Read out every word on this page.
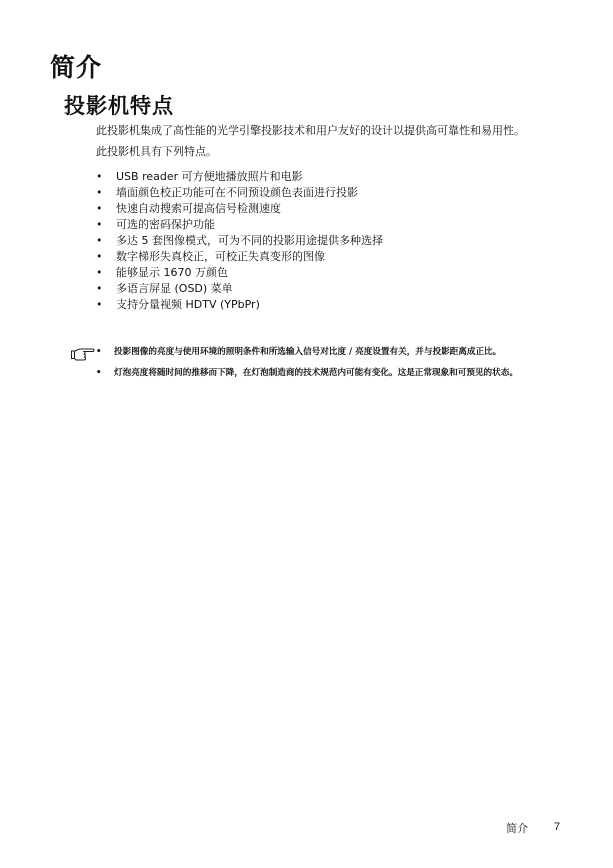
简介
投影机特点

此投影机集成了高性能的光学引擎投影技术和用户友好的设计以提供高可靠性和易用性。

此投影机具有下列特点。

• USB reader 可方便地播放照片和电影
• 墙面颜色校正功能可在不同预设颜色表面进行投影
• 快速自动搜索可提高信号检测速度
• 可选的密码保护功能
• 多达 5 套图像模式，可为不同的投影用途提供多种选择
• 数字梯形失真校正，可校正失真变形的图像
• 能够显示 1670 万颜色
• 多语言屏显 (OSD) 菜单
• 支持分量视频 HDTV (YPbPr)
• 投影图像的亮度与使用环境的照明条件和所选输入信号对比度 / 亮度设置有关，并与投影距离成正比。
• 灯泡亮度将随时间的推移而下降，在灯泡制造商的技术规范内可能有变化。这是正常现象和可预见的状态。
简介 7
